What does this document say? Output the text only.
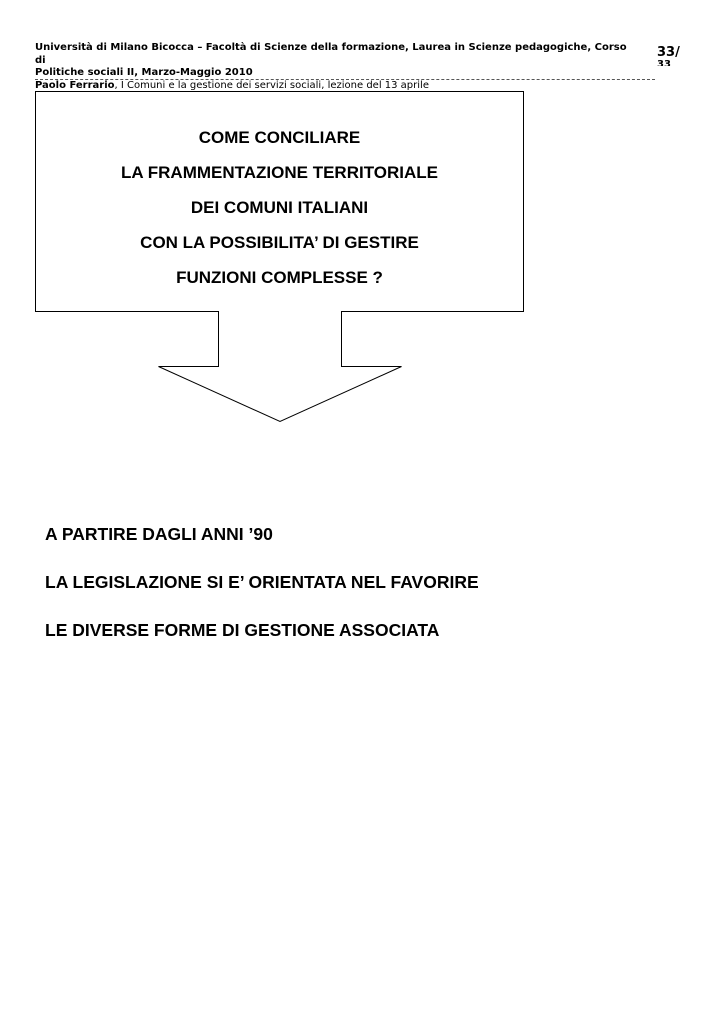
Università di Milano Bicocca – Facoltà di Scienze della formazione, Laurea in Scienze pedagogiche, Corso di
Politiche sociali II, Marzo-Maggio 2010
Paolo Ferrario, I Comuni e la gestione dei servizi sociali, lezione del 13 aprile
33/
33
COME CONCILIARE
LA FRAMMENTAZIONE TERRITORIALE
DEI COMUNI ITALIANI
CON LA POSSIBILITA’ DI GESTIRE
FUNZIONI COMPLESSE ?
A PARTIRE DAGLI ANNI ’90
LA LEGISLAZIONE SI E’ ORIENTATA NEL FAVORIRE
LE DIVERSE FORME DI GESTIONE ASSOCIATA
